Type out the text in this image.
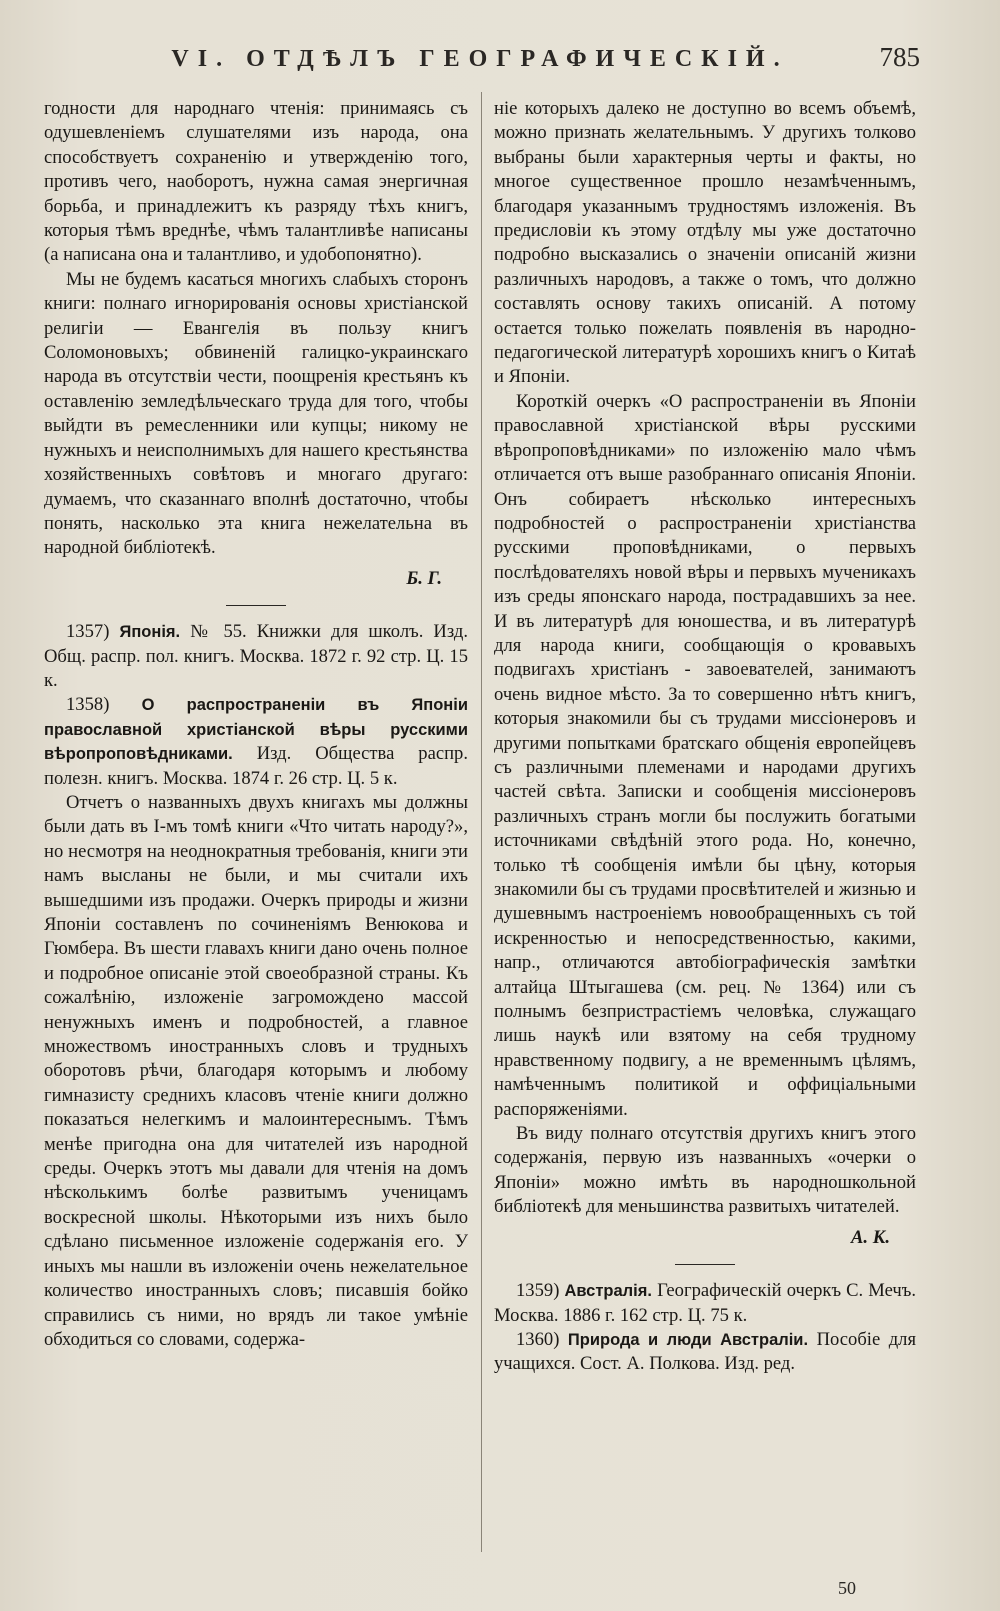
VI. ОТДѢЛЪ ГЕОГРАФИЧЕСКІЙ.	785

годности для народнаго чтенія: принимаясь съ одушевленіемъ слушателями изъ народа, она способствуетъ сохраненію и утвержденію того, противъ чего, наоборотъ, нужна самая энергичная борьба, и принадлежитъ къ разряду тѣхъ книгъ, которыя тѣмъ вреднѣе, чѣмъ талантливѣе написаны (а написана она и талантливо, и удобопонятно).

Мы не будемъ касаться многихъ слабыхъ сторонъ книги: полнаго игнорированія основы христіанской религіи — Евангелія въ пользу книгъ Соломоновыхъ; обвиненій галицко-украинскаго народа въ отсутствіи чести, поощренія крестьянъ къ оставленію земледѣльческаго труда для того, чтобы выйдти въ ремесленники или купцы; никому не нужныхъ и неисполнимыхъ для нашего крестьянства хозяйственныхъ совѣтовъ и многаго другаго: думаемъ, что сказаннаго вполнѣ достаточно, чтобы понять, насколько эта книга нежелательна въ народной библіотекѣ.

Б. Г.

1357) Японія. № 55. Книжки для школъ. Изд. Общ. распр. пол. книгъ. Москва. 1872 г. 92 стр. Ц. 15 к.

1358) О распространеніи въ Японіи православной христіанской вѣры русскими вѣропроповѣдниками. Изд. Общества распр. полезн. книгъ. Москва. 1874 г. 26 стр. Ц. 5 к.

Отчетъ о названныхъ двухъ книгахъ мы должны были дать въ I-мъ томѣ книги «Что читать народу?», но несмотря на неоднократныя требованія, книги эти намъ высланы не были, и мы считали ихъ вышедшими изъ продажи. Очеркъ природы и жизни Японіи составленъ по сочиненіямъ Венюкова и Гюмбера. Въ шести главахъ книги дано очень полное и подробное описаніе этой своеобразной страны. Къ сожалѣнію, изложеніе загромождено массой ненужныхъ именъ и подробностей, а главное множествомъ иностранныхъ словъ и трудныхъ оборотовъ рѣчи, благодаря которымъ и любому гимназисту среднихъ класовъ чтеніе книги должно показаться нелегкимъ и малоинтереснымъ. Тѣмъ менѣе пригодна она для читателей изъ народной среды. Очеркъ этотъ мы давали для чтенія на домъ нѣсколькимъ болѣе развитымъ ученицамъ воскресной школы. Нѣкоторыми изъ нихъ было сдѣлано письменное изложеніе содержанія его. У иныхъ мы нашли въ изложеніи очень нежелательное количество иностранныхъ словъ; писавшія бойко справились съ ними, но врядъ ли такое умѣніе обходиться со словами, содержа-

ніе которыхъ далеко не доступно во всемъ объемѣ, можно признать желательнымъ. У другихъ толково выбраны были характерныя черты и факты, но многое существенное прошло незамѣченнымъ, благодаря указаннымъ трудностямъ изложенія. Въ предисловіи къ этому отдѣлу мы уже достаточно подробно высказались о значеніи описаній жизни различныхъ народовъ, а также о томъ, что должно составлять основу такихъ описаній. А потому остается только пожелать появленія въ народно-педагогической литературѣ хорошихъ книгъ о Китаѣ и Японіи.

Короткій очеркъ «О распространеніи въ Японіи православной христіанской вѣры русскими вѣропроповѣдниками» по изложенію мало чѣмъ отличается отъ выше разобраннаго описанія Японіи. Онъ собираетъ нѣсколько интересныхъ подробностей о распространеніи христіанства русскими проповѣдниками, о первыхъ послѣдователяхъ новой вѣры и первыхъ мученикахъ изъ среды японскаго народа, пострадавшихъ за нее. И въ литературѣ для юношества, и въ литературѣ для народа книги, сообщающія о кровавыхъ подвигахъ христіанъ - завоевателей, занимаютъ очень видное мѣсто. За то совершенно нѣтъ книгъ, которыя знакомили бы съ трудами миссіонеровъ и другими попытками братскаго общенія европейцевъ съ различными племенами и народами другихъ частей свѣта. Записки и сообщенія миссіонеровъ различныхъ странъ могли бы послужить богатыми источниками свѣдѣній этого рода. Но, конечно, только тѣ сообщенія имѣли бы цѣну, которыя знакомили бы съ трудами просвѣтителей и жизнью и душевнымъ настроеніемъ новообращенныхъ съ той искренностью и непосредственностью, какими, напр., отличаются автобіографическія замѣтки алтайца Штыгашева (см. рец. № 1364) или съ полнымъ безпристрастіемъ человѣка, служащаго лишь наукѣ или взятому на себя трудному нравственному подвигу, а не временнымъ цѣлямъ, намѣченнымъ политикой и оффиціальными распоряженіями.

Въ виду полнаго отсутствія другихъ книгъ этого содержанія, первую изъ названныхъ «очерки о Японіи» можно имѣть въ народношкольной библіотекѣ для меньшинства развитыхъ читателей.

А. К.

1359) Австралія. Географическій очеркъ С. Мечъ. Москва. 1886 г. 162 стр. Ц. 75 к.

1360) Природа и люди Австраліи. Пособіе для учащихся. Сост. А. Полкова. Изд. ред.

50
